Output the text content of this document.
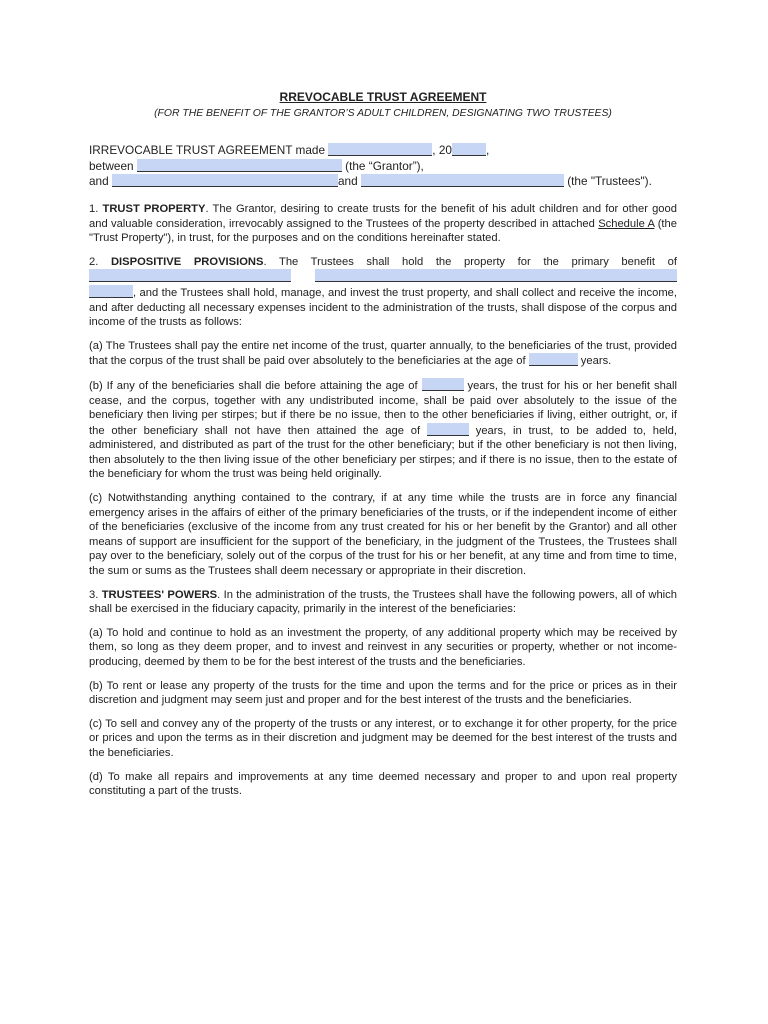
RREVOCABLE TRUST AGREEMENT

(FOR THE BENEFIT OF THE GRANTOR’S ADULT CHILDREN, DESIGNATING TWO TRUSTEES)

IRREVOCABLE TRUST AGREEMENT made	, 20	,
between	(the “Grantor”),
and	and	(the "Trustees").

1. TRUST PROPERTY. The Grantor, desiring to create trusts for the benefit of his adult children and for other good and valuable consideration, irrevocably assigned to the Trustees of the property described in attached Schedule A (the "Trust Property"), in trust, for the purposes and on the conditions hereinafter stated.

2. DISPOSITIVE PROVISIONS. The Trustees shall hold the property for the primary benefit of   , and the Trustees shall hold, manage, and invest the trust property, and shall collect and receive the income, and after deducting all necessary expenses incident to the administration of the trusts, shall dispose of the corpus and income of the trusts as follows:

(a) The Trustees shall pay the entire net income of the trust, quarter annually, to the beneficiaries of the trust, provided that the corpus of the trust shall be paid over absolutely to the beneficiaries at the age of	years.

(b) If any of the beneficiaries shall die before attaining the age of	years, the trust for his or her benefit shall cease, and the corpus, together with any undistributed income, shall be paid over absolutely to the issue of the beneficiary then living per stirpes; but if there be no issue, then to the other beneficiaries if living, either outright, or, if the other beneficiary shall not have then attained the age of	years, in trust, to be added to, held, administered, and distributed as part of the trust for the other beneficiary; but if the other beneficiary is not then living, then absolutely to the then living issue of the other beneficiary per stirpes; and if there is no issue, then to the estate of the beneficiary for whom the trust was being held originally.

(c) Notwithstanding anything contained to the contrary, if at any time while the trusts are in force any financial emergency arises in the affairs of either of the primary beneficiaries of the trusts, or if the independent income of either of the beneficiaries (exclusive of the income from any trust created for his or her benefit by the Grantor) and all other means of support are insufficient for the support of the beneficiary, in the judgment of the Trustees, the Trustees shall pay over to the beneficiary, solely out of the corpus of the trust for his or her benefit, at any time and from time to time, the sum or sums as the Trustees shall deem necessary or appropriate in their discretion.

3. TRUSTEES' POWERS. In the administration of the trusts, the Trustees shall have the following powers, all of which shall be exercised in the fiduciary capacity, primarily in the interest of the beneficiaries:

(a) To hold and continue to hold as an investment the property, of any additional property which may be received by them, so long as they deem proper, and to invest and reinvest in any securities or property, whether or not income-producing, deemed by them to be for the best interest of the trusts and the beneficiaries.

(b) To rent or lease any property of the trusts for the time and upon the terms and for the price or prices as in their discretion and judgment may seem just and proper and for the best interest of the trusts and the beneficiaries.

(c) To sell and convey any of the property of the trusts or any interest, or to exchange it for other property, for the price or prices and upon the terms as in their discretion and judgment may be deemed for the best interest of the trusts and the beneficiaries.

(d) To make all repairs and improvements at any time deemed necessary and proper to and upon real property constituting a part of the trusts.
